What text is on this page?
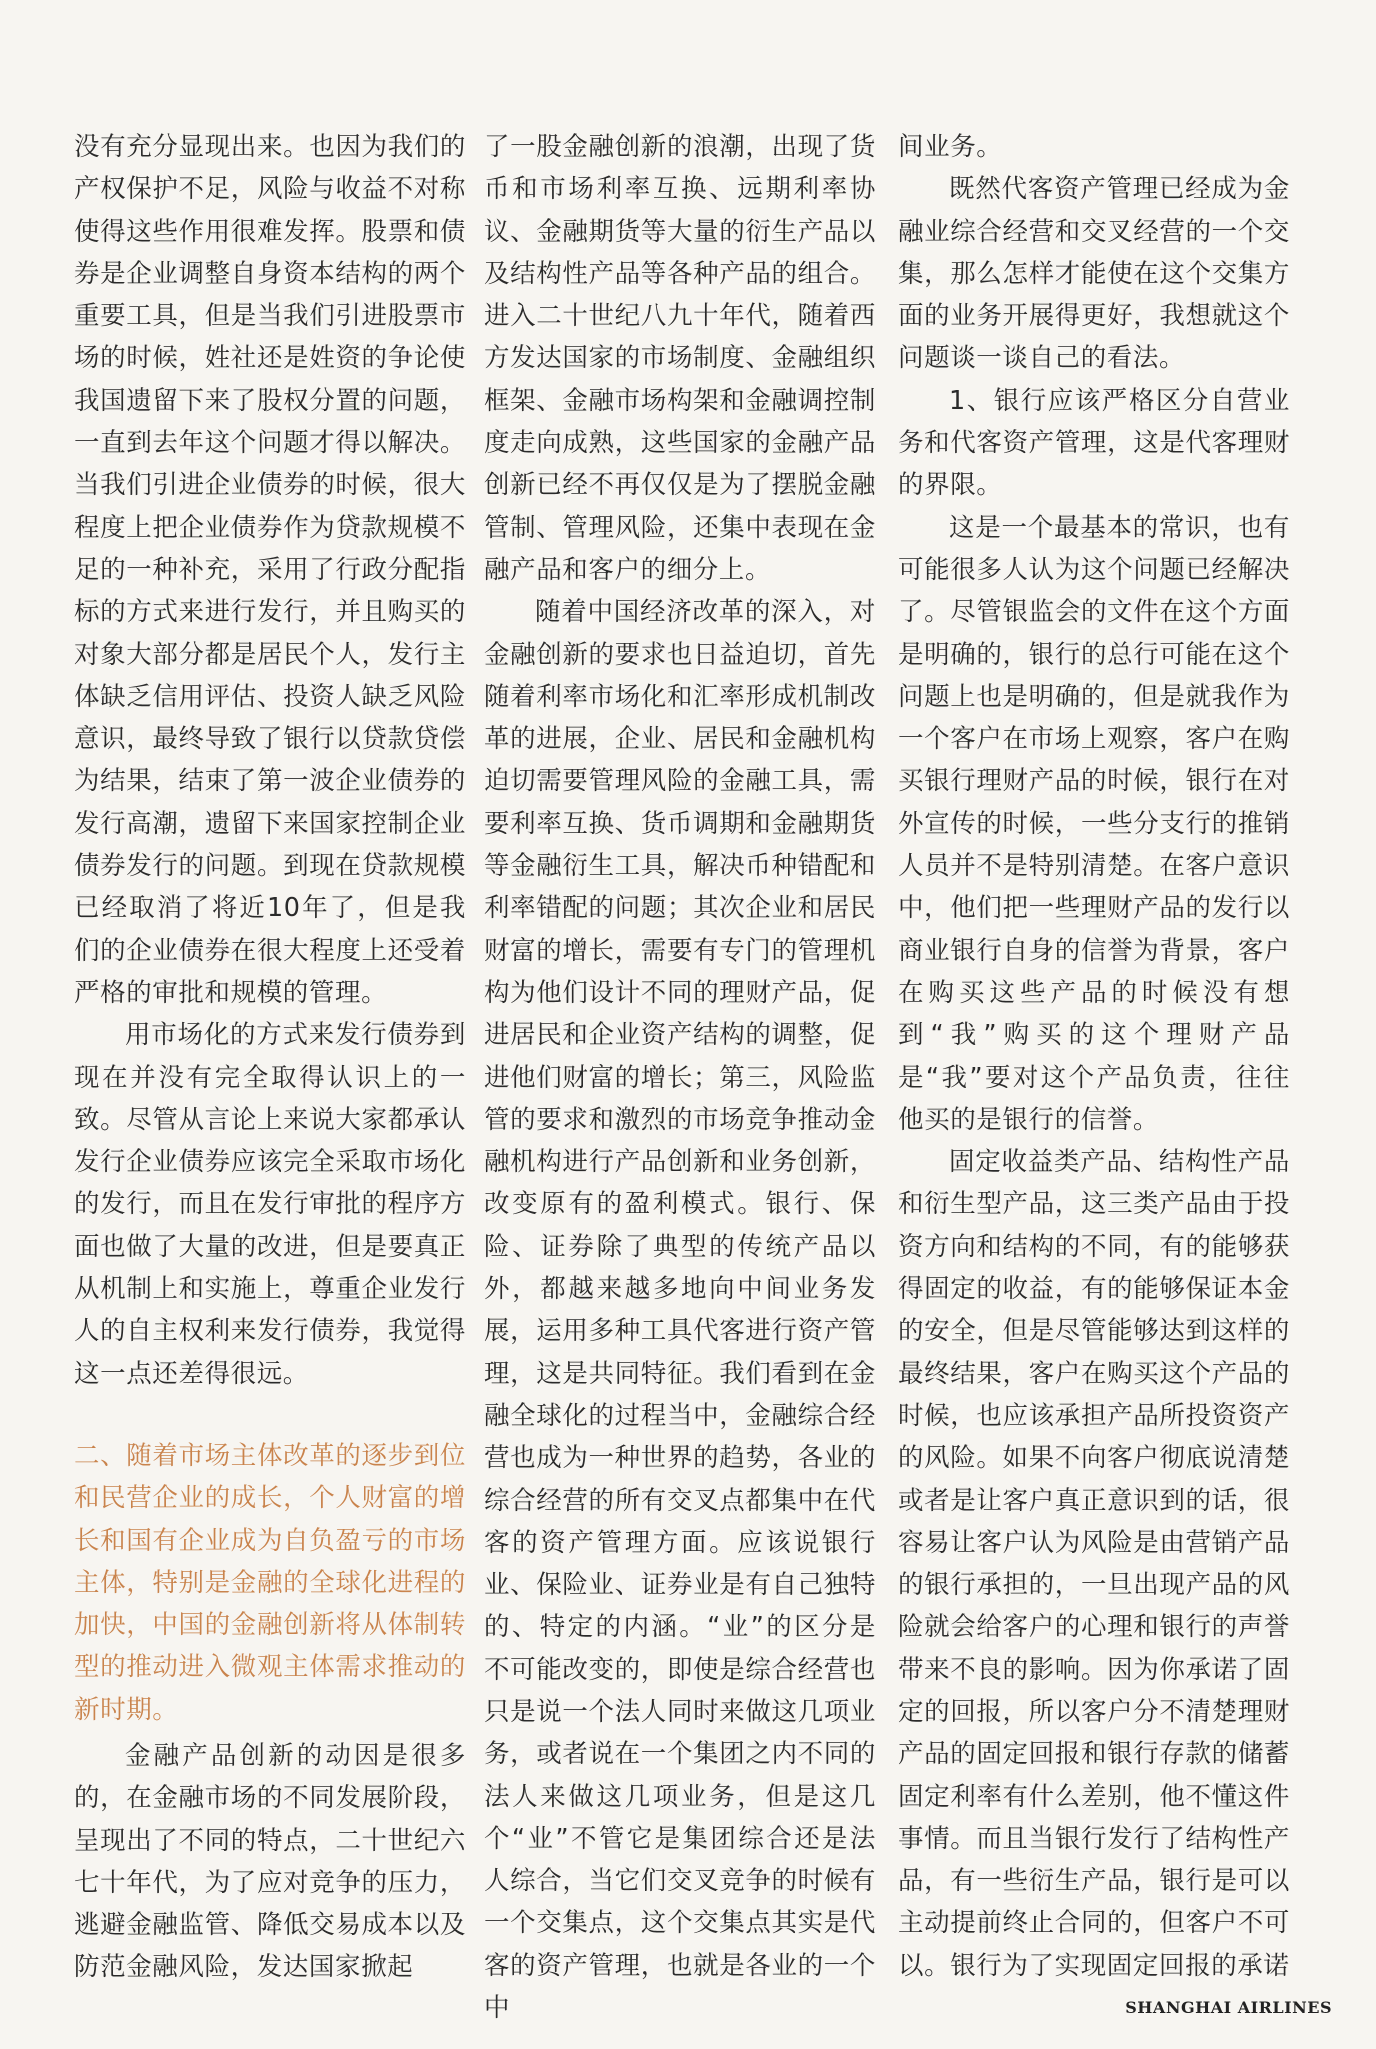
没有充分显现出来。也因为我们的产权保护不足，风险与收益不对称使得这些作用很难发挥。股票和债券是企业调整自身资本结构的两个重要工具，但是当我们引进股票市场的时候，姓社还是姓资的争论使我国遗留下来了股权分置的问题，一直到去年这个问题才得以解决。当我们引进企业债券的时候，很大程度上把企业债券作为贷款规模不足的一种补充，采用了行政分配指标的方式来进行发行，并且购买的对象大部分都是居民个人，发行主体缺乏信用评估、投资人缺乏风险意识，最终导致了银行以贷款贷偿为结果，结束了第一波企业债券的发行高潮，遗留下来国家控制企业债券发行的问题。到现在贷款规模已经取消了将近10年了，但是我们的企业债券在很大程度上还受着严格的审批和规模的管理。

用市场化的方式来发行债券到现在并没有完全取得认识上的一致。尽管从言论上来说大家都承认发行企业债券应该完全采取市场化的发行，而且在发行审批的程序方面也做了大量的改进，但是要真正从机制上和实施上，尊重企业发行人的自主权利来发行债券，我觉得这一点还差得很远。

二、随着市场主体改革的逐步到位和民营企业的成长，个人财富的增长和国有企业成为自负盈亏的市场主体，特别是金融的全球化进程的加快，中国的金融创新将从体制转型的推动进入微观主体需求推动的新时期。

金融产品创新的动因是很多的，在金融市场的不同发展阶段，呈现出了不同的特点，二十世纪六七十年代，为了应对竞争的压力，逃避金融监管、降低交易成本以及防范金融风险，发达国家掀起

了一股金融创新的浪潮，出现了货币和市场利率互换、远期利率协议、金融期货等大量的衍生产品以及结构性产品等各种产品的组合。进入二十世纪八九十年代，随着西方发达国家的市场制度、金融组织框架、金融市场构架和金融调控制度走向成熟，这些国家的金融产品创新已经不再仅仅是为了摆脱金融管制、管理风险，还集中表现在金融产品和客户的细分上。

随着中国经济改革的深入，对金融创新的要求也日益迫切，首先随着利率市场化和汇率形成机制改革的进展，企业、居民和金融机构迫切需要管理风险的金融工具，需要利率互换、货币调期和金融期货等金融衍生工具，解决币种错配和利率错配的问题；其次企业和居民财富的增长，需要有专门的管理机构为他们设计不同的理财产品，促进居民和企业资产结构的调整，促进他们财富的增长；第三，风险监管的要求和激烈的市场竞争推动金融机构进行产品创新和业务创新，改变原有的盈利模式。银行、保险、证券除了典型的传统产品以外，都越来越多地向中间业务发展，运用多种工具代客进行资产管理，这是共同特征。我们看到在金融全球化的过程当中，金融综合经营也成为一种世界的趋势，各业的综合经营的所有交叉点都集中在代客的资产管理方面。应该说银行业、保险业、证券业是有自己独特的、特定的内涵。“业”的区分是不可能改变的，即使是综合经营也只是说一个法人同时来做这几项业务，或者说在一个集团之内不同的法人来做这几项业务，但是这几个“业”不管它是集团综合还是法人综合，当它们交叉竞争的时候有一个交集点，这个交集点其实是代客的资产管理，也就是各业的一个中

间业务。

既然代客资产管理已经成为金融业综合经营和交叉经营的一个交集，那么怎样才能使在这个交集方面的业务开展得更好，我想就这个问题谈一谈自己的看法。

1、银行应该严格区分自营业务和代客资产管理，这是代客理财的界限。

这是一个最基本的常识，也有可能很多人认为这个问题已经解决了。尽管银监会的文件在这个方面是明确的，银行的总行可能在这个问题上也是明确的，但是就我作为一个客户在市场上观察，客户在购买银行理财产品的时候，银行在对外宣传的时候，一些分支行的推销人员并不是特别清楚。在客户意识中，他们把一些理财产品的发行以商业银行自身的信誉为背景，客户在购买这些产品的时候没有想到“我”购买的这个理财产品是“我”要对这个产品负责，往往他买的是银行的信誉。

固定收益类产品、结构性产品和衍生型产品，这三类产品由于投资方向和结构的不同，有的能够获得固定的收益，有的能够保证本金的安全，但是尽管能够达到这样的最终结果，客户在购买这个产品的时候，也应该承担产品所投资资产的风险。如果不向客户彻底说清楚或者是让客户真正意识到的话，很容易让客户认为风险是由营销产品的银行承担的，一旦出现产品的风险就会给客户的心理和银行的声誉带来不良的影响。因为你承诺了固定的回报，所以客户分不清楚理财产品的固定回报和银行存款的储蓄固定利率有什么差别，他不懂这件事情。而且当银行发行了结构性产品，有一些衍生产品，银行是可以主动提前终止合同的，但客户不可以。银行为了实现固定回报的承诺

SHANGHAI AIRLINES
